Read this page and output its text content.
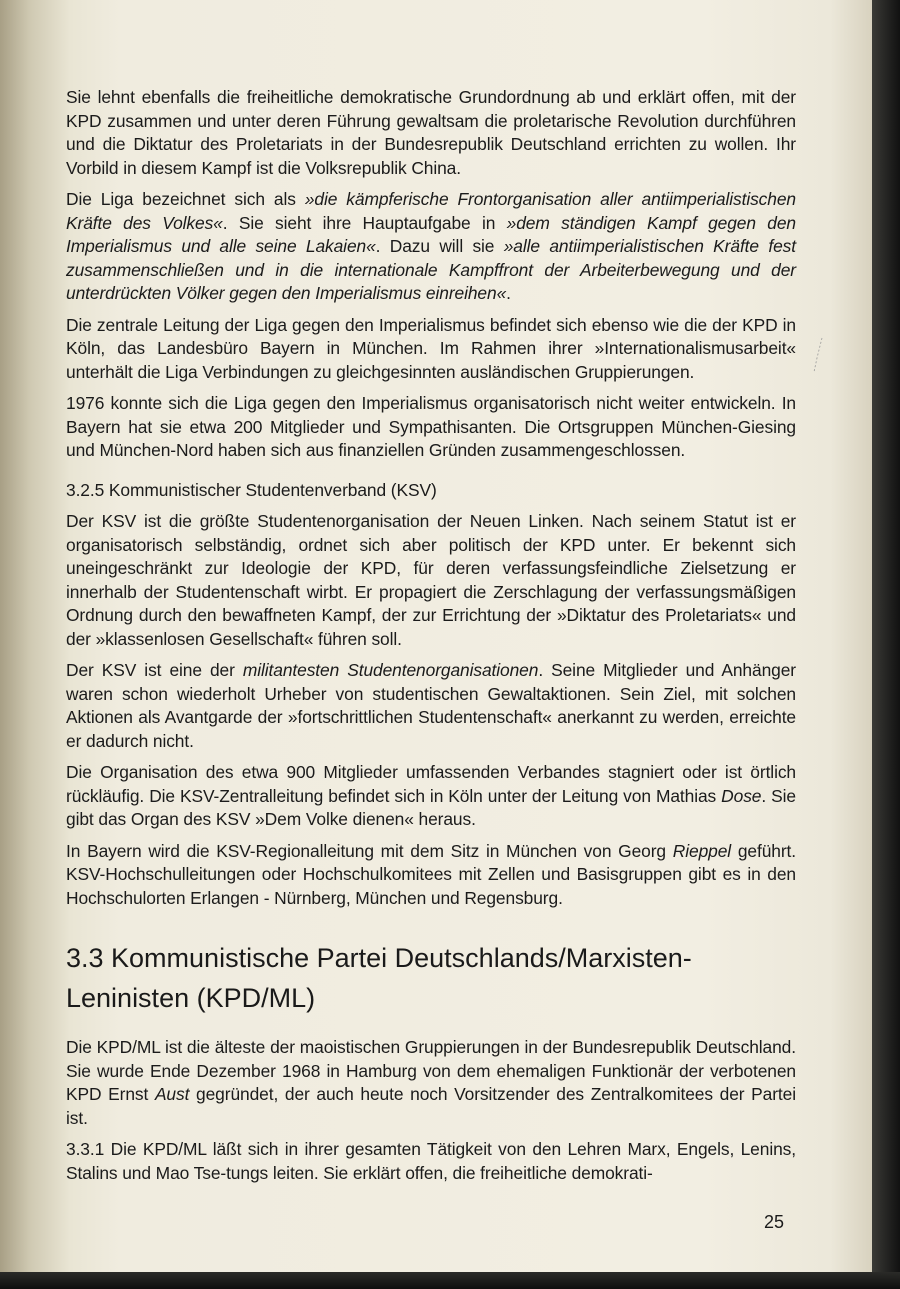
Sie lehnt ebenfalls die freiheitliche demokratische Grundordnung ab und erklärt offen, mit der KPD zusammen und unter deren Führung gewaltsam die proletarische Revolution durchführen und die Diktatur des Proletariats in der Bundesrepublik Deutschland errichten zu wollen. Ihr Vorbild in diesem Kampf ist die Volksrepublik China.

Die Liga bezeichnet sich als »die kämpferische Frontorganisation aller antiimperialistischen Kräfte des Volkes«. Sie sieht ihre Hauptaufgabe in »dem ständigen Kampf gegen den Imperialismus und alle seine Lakaien«. Dazu will sie »alle antiimperialistischen Kräfte fest zusammenschließen und in die internationale Kampffront der Arbeiterbewegung und der unterdrückten Völker gegen den Imperialismus einreihen«.

Die zentrale Leitung der Liga gegen den Imperialismus befindet sich ebenso wie die der KPD in Köln, das Landesbüro Bayern in München. Im Rahmen ihrer »Internationalismusarbeit« unterhält die Liga Verbindungen zu gleichgesinnten ausländischen Gruppierungen.

1976 konnte sich die Liga gegen den Imperialismus organisatorisch nicht weiter entwickeln. In Bayern hat sie etwa 200 Mitglieder und Sympathisanten. Die Ortsgruppen München-Giesing und München-Nord haben sich aus finanziellen Gründen zusammengeschlossen.

3.2.5 Kommunistischer Studentenverband (KSV)

Der KSV ist die größte Studentenorganisation der Neuen Linken. Nach seinem Statut ist er organisatorisch selbständig, ordnet sich aber politisch der KPD unter. Er bekennt sich uneingeschränkt zur Ideologie der KPD, für deren verfassungsfeindliche Zielsetzung er innerhalb der Studentenschaft wirbt. Er propagiert die Zerschlagung der verfassungsmäßigen Ordnung durch den bewaffneten Kampf, der zur Errichtung der »Diktatur des Proletariats« und der »klassenlosen Gesellschaft« führen soll.

Der KSV ist eine der militantesten Studentenorganisationen. Seine Mitglieder und Anhänger waren schon wiederholt Urheber von studentischen Gewaltaktionen. Sein Ziel, mit solchen Aktionen als Avantgarde der »fortschrittlichen Studentenschaft« anerkannt zu werden, erreichte er dadurch nicht.

Die Organisation des etwa 900 Mitglieder umfassenden Verbandes stagniert oder ist örtlich rückläufig. Die KSV-Zentralleitung befindet sich in Köln unter der Leitung von Mathias Dose. Sie gibt das Organ des KSV »Dem Volke dienen« heraus.

In Bayern wird die KSV-Regionalleitung mit dem Sitz in München von Georg Rieppel geführt. KSV-Hochschulleitungen oder Hochschulkomitees mit Zellen und Basisgruppen gibt es in den Hochschulorten Erlangen - Nürnberg, München und Regensburg.

3.3 Kommunistische Partei Deutschlands/Marxisten-Leninisten (KPD/ML)

Die KPD/ML ist die älteste der maoistischen Gruppierungen in der Bundesrepublik Deutschland. Sie wurde Ende Dezember 1968 in Hamburg von dem ehemaligen Funktionär der verbotenen KPD Ernst Aust gegründet, der auch heute noch Vorsitzender des Zentralkomitees der Partei ist.

3.3.1 Die KPD/ML läßt sich in ihrer gesamten Tätigkeit von den Lehren Marx, Engels, Lenins, Stalins und Mao Tse-tungs leiten. Sie erklärt offen, die freiheitliche demokrati-

25
